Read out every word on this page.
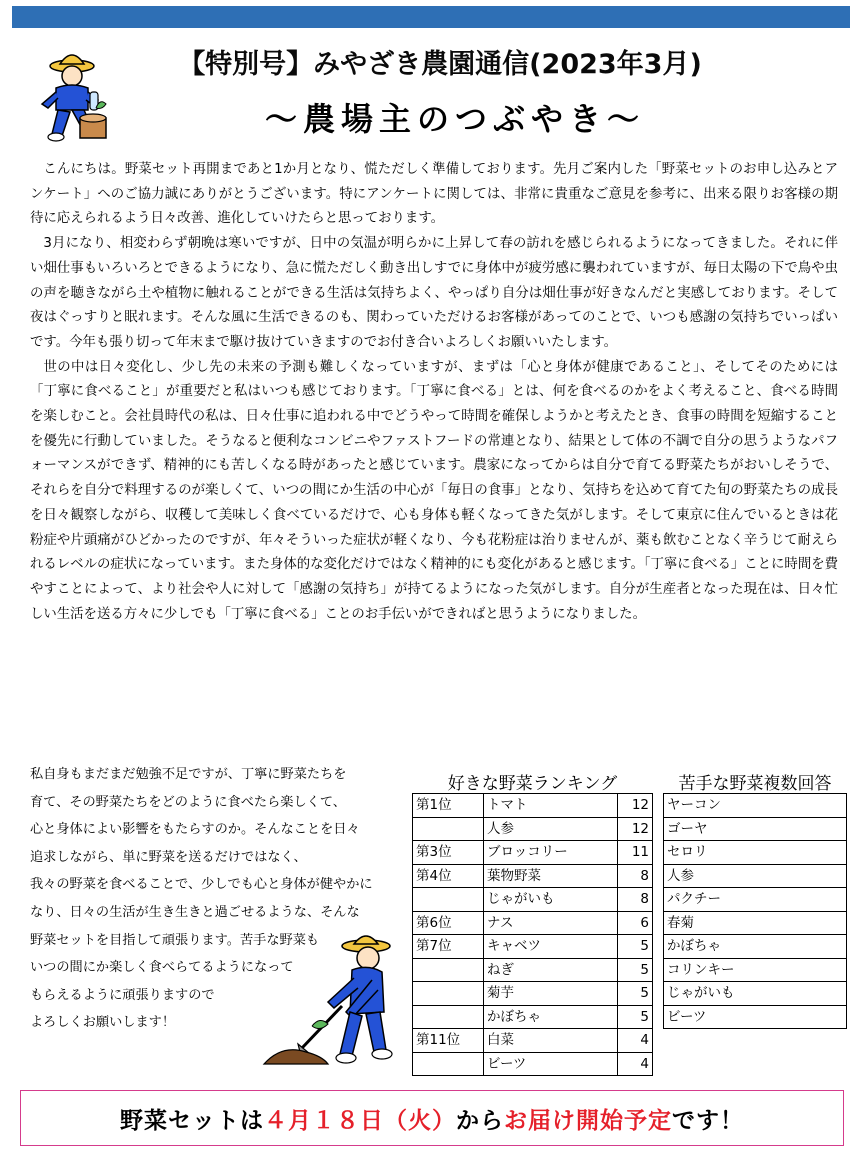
【特別号】みやざき農園通信(2023年3月)
～農場主のつぶやき～

こんにちは。野菜セット再開まであと1か月となり、慌ただしく準備しております。先月ご案内した「野菜セットのお申し込みとアンケート」へのご協力誠にありがとうございます。特にアンケートに関しては、非常に貴重なご意見を参考に、出来る限りお客様の期待に応えられるよう日々改善、進化していけたらと思っております。

3月になり、相変わらず朝晩は寒いですが、日中の気温が明らかに上昇して春の訪れを感じられるようになってきました。それに伴い畑仕事もいろいろとできるようになり、急に慌ただしく動き出しすでに身体中が疲労感に襲われていますが、毎日太陽の下で鳥や虫の声を聴きながら土や植物に触れることができる生活は気持ちよく、やっぱり自分は畑仕事が好きなんだと実感しております。そして夜はぐっすりと眠れます。そんな風に生活できるのも、関わっていただけるお客様があってのことで、いつも感謝の気持ちでいっぱいです。今年も張り切って年末まで駆け抜けていきますのでお付き合いよろしくお願いいたします。

世の中は日々変化し、少し先の未来の予測も難しくなっていますが、まずは「心と身体が健康であること」、そしてそのためには「丁寧に食べること」が重要だと私はいつも感じております。「丁寧に食べる」とは、何を食べるのかをよく考えること、食べる時間を楽しむこと。会社員時代の私は、日々仕事に追われる中でどうやって時間を確保しようかと考えたとき、食事の時間を短縮することを優先に行動していました。そうなると便利なコンビニやファストフードの常連となり、結果として体の不調で自分の思うようなパフォーマンスができず、精神的にも苦しくなる時があったと感じています。農家になってからは自分で育てる野菜たちがおいしそうで、それらを自分で料理するのが楽しくて、いつの間にか生活の中心が「毎日の食事」となり、気持ちを込めて育てた旬の野菜たちの成長を日々観察しながら、収穫して美味しく食べているだけで、心も身体も軽くなってきた気がします。そして東京に住んでいるときは花粉症や片頭痛がひどかったのですが、年々そういった症状が軽くなり、今も花粉症は治りませんが、薬も飲むことなく辛うじて耐えられるレベルの症状になっています。また身体的な変化だけではなく精神的にも変化があると感じます。「丁寧に食べる」ことに時間を費やすことによって、より社会や人に対して「感謝の気持ち」が持てるようになった気がします。自分が生産者となった現在は、日々忙しい生活を送る方々に少しでも「丁寧に食べる」ことのお手伝いができればと思うようになりました。

私自身もまだまだ勉強不足ですが、丁寧に野菜たちを
育て、その野菜たちをどのように食べたら楽しくて、
心と身体によい影響をもたらすのか。そんなことを日々
追求しながら、単に野菜を送るだけではなく、
我々の野菜を食べることで、少しでも心と身体が健やかに
なり、日々の生活が生き生きと過ごせるような、そんな
野菜セットを目指して頑張ります。苦手な野菜も
いつの間にか楽しく食べらてるようになって
もらえるように頑張りますので
よろしくお願いします！
好きな野菜ランキング
第1位	トマト	12
	人参	12
第3位	ブロッコリー	11
第4位	葉物野菜	8
	じゃがいも	8
第6位	ナス	6
第7位	キャベツ	5
	ねぎ	5
	菊芋	5
	かぼちゃ	5
第11位	白菜	4
	ビーツ	4
苦手な野菜複数回答
ヤーコン
ゴーヤ
セロリ
人参
パクチー
春菊
かぼちゃ
コリンキー
じゃがいも
ビーツ
野菜セットは ４月１８日（火） から お届け開始予定 です！
